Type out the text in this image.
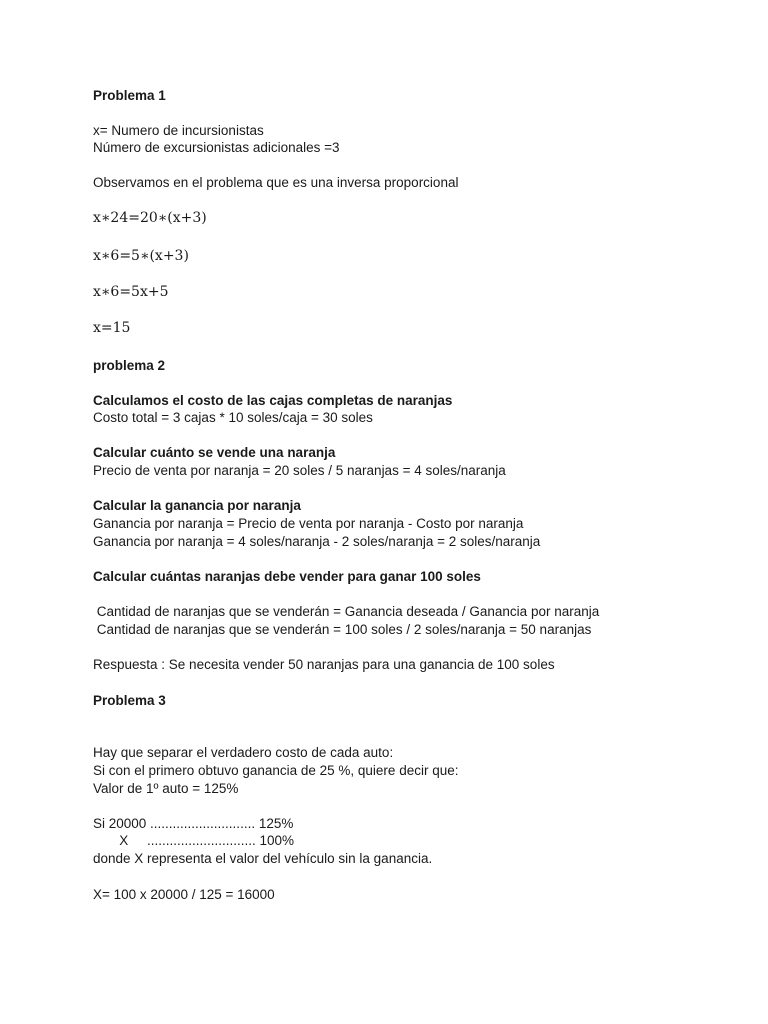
Problema 1
x= Numero de incursionistas
Número de excursionistas adicionales =3
Observamos en el problema que es una inversa proporcional
x∗24=20∗(x+3)
x∗6=5∗(x+3)
x∗6=5x+5
x=15
problema 2
Calculamos el costo de las cajas completas de naranjas
Costo total = 3 cajas * 10 soles/caja = 30 soles
Calcular cuánto se vende una naranja
Precio de venta por naranja = 20 soles / 5 naranjas = 4 soles/naranja
Calcular la ganancia por naranja
Ganancia por naranja = Precio de venta por naranja - Costo por naranja
Ganancia por naranja = 4 soles/naranja - 2 soles/naranja = 2 soles/naranja
Calcular cuántas naranjas debe vender para ganar 100 soles
Cantidad de naranjas que se venderán = Ganancia deseada / Ganancia por naranja
Cantidad de naranjas que se venderán = 100 soles / 2 soles/naranja = 50 naranjas
Respuesta : Se necesita vender 50 naranjas para una ganancia de 100 soles
Problema 3
Hay que separar el verdadero costo de cada auto:
Si con el primero obtuvo ganancia de 25 %, quiere decir que:
Valor de 1º auto = 125%
Si 20000 ............................ 125%
X     ............................. 100%
donde X representa el valor del vehículo sin la ganancia.
X= 100 x 20000 / 125 = 16000
